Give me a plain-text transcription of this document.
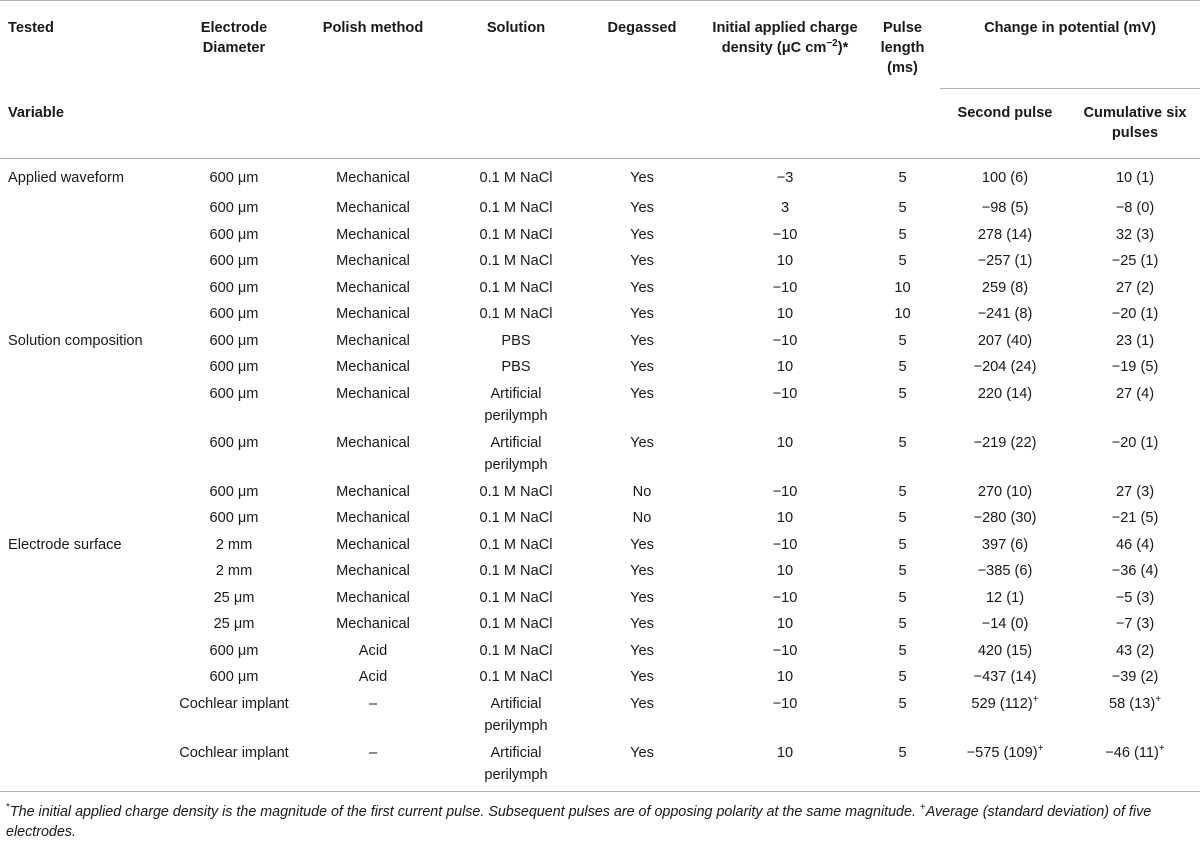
Tested	Electrode Diameter	Polish method	Solution	Degassed	Initial applied charge density (μC $cm^{-2})*$	Pulse length (ms)	Change in potential (mV)	
Variable							Second pulse	Cumulative six pulses
Applied waveform	600 μm	Mechanical	0.1 M NaCl	Yes	−3	5	100 (6)	10 (1)
	600 μm	Mechanical	0.1 M NaCl	Yes	3	5	−98 (5)	−8 (0)
	600 μm	Mechanical	0.1 M NaCl	Yes	−10	5	278 (14)	32 (3)
	600 μm	Mechanical	0.1 M NaCl	Yes	10	5	−257 (1)	−25 (1)
	600 μm	Mechanical	0.1 M NaCl	Yes	−10	10	259 (8)	27 (2)
	600 μm	Mechanical	0.1 M NaCl	Yes	10	10	−241 (8)	−20 (1)
Solution composition	600 μm	Mechanical	PBS	Yes	−10	5	207 (40)	23 (1)
	600 μm	Mechanical	PBS	Yes	10	5	−204 (24)	−19 (5)
	600 μm	Mechanical	Artificial perilymph	Yes	−10	5	220 (14)	27 (4)
	600 μm	Mechanical	Artificial perilymph	Yes	10	5	−219 (22)	−20 (1)
	600 μm	Mechanical	0.1 M NaCl	No	−10	5	270 (10)	27 (3)
	600 μm	Mechanical	0.1 M NaCl	No	10	5	−280 (30)	−21 (5)
Electrode surface	2 mm	Mechanical	0.1 M NaCl	Yes	−10	5	397 (6)	46 (4)
	2 mm	Mechanical	0.1 M NaCl	Yes	10	5	−385 (6)	−36 (4)
	25 μm	Mechanical	0.1 M NaCl	Yes	−10	5	12 (1)	−5 (3)
	25 μm	Mechanical	0.1 M NaCl	Yes	10	5	−14 (0)	−7 (3)
	600 μm	Acid	0.1 M NaCl	Yes	−10	5	420 (15)	43 (2)
	600 μm	Acid	0.1 M NaCl	Yes	10	5	−437 (14)	−39 (2)
	Cochlear implant	–	Artificial perilymph	Yes	−10	5	529 (112)+	58 (13)+
	Cochlear implant	–	Artificial perilymph	Yes	10	5	−575 (109)+	−46 (11)+
*The initial applied charge density is the magnitude of the first current pulse. Subsequent pulses are of opposing polarity at the same magnitude. +Average (standard deviation) of five electrodes.
